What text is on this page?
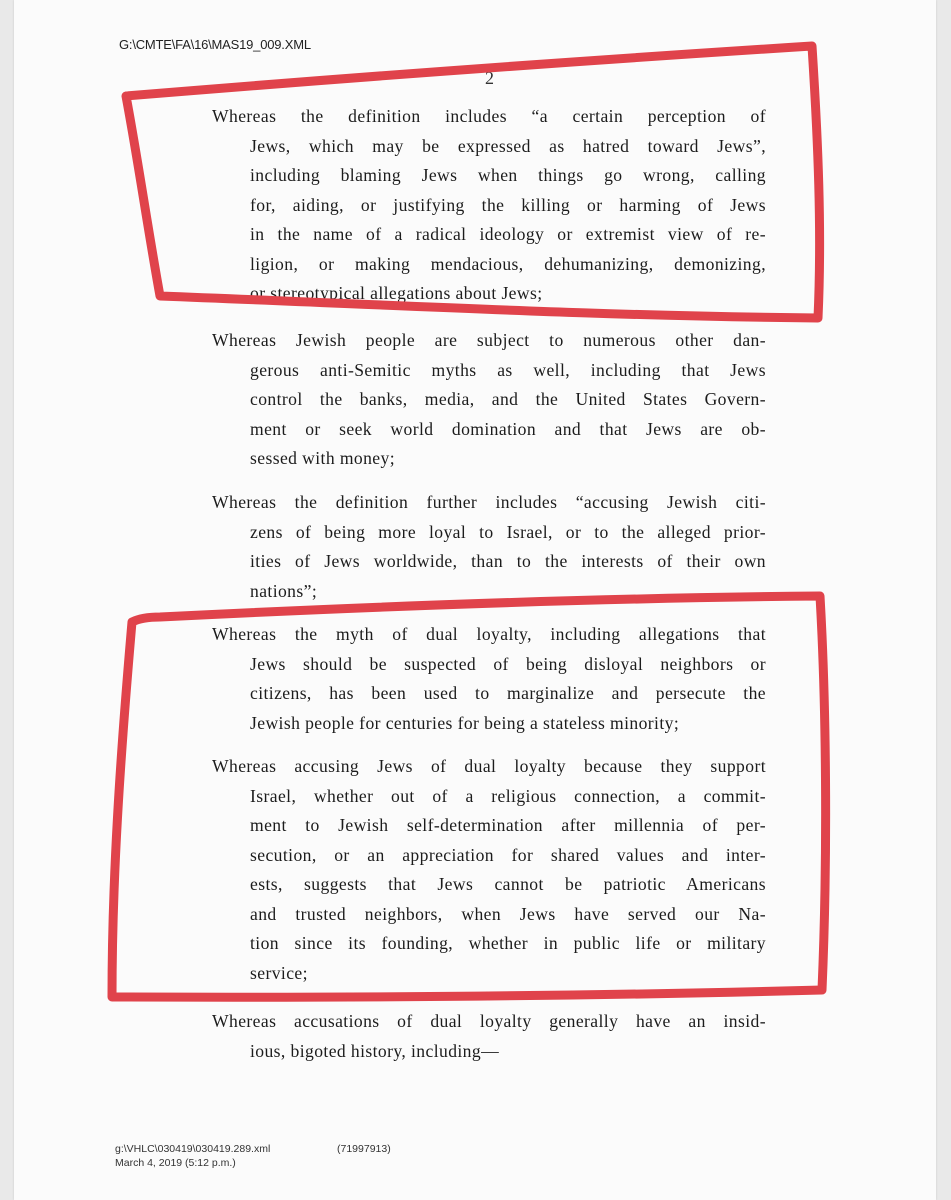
G:\CMTE\FA\16\MAS19_009.XML
2
Whereas the definition includes “a certain perception of
Jews, which may be expressed as hatred toward Jews”,
including blaming Jews when things go wrong, calling
for, aiding, or justifying the killing or harming of Jews
in the name of a radical ideology or extremist view of re-
ligion, or making mendacious, dehumanizing, demonizing,
or stereotypical allegations about Jews;
Whereas Jewish people are subject to numerous other dan-
gerous anti-Semitic myths as well, including that Jews
control the banks, media, and the United States Govern-
ment or seek world domination and that Jews are ob-
sessed with money;
Whereas the definition further includes “accusing Jewish citi-
zens of being more loyal to Israel, or to the alleged prior-
ities of Jews worldwide, than to the interests of their own
nations”;
Whereas the myth of dual loyalty, including allegations that
Jews should be suspected of being disloyal neighbors or
citizens, has been used to marginalize and persecute the
Jewish people for centuries for being a stateless minority;
Whereas accusing Jews of dual loyalty because they support
Israel, whether out of a religious connection, a commit-
ment to Jewish self-determination after millennia of per-
secution, or an appreciation for shared values and inter-
ests, suggests that Jews cannot be patriotic Americans
and trusted neighbors, when Jews have served our Na-
tion since its founding, whether in public life or military
service;
Whereas accusations of dual loyalty generally have an insid-
ious, bigoted history, including—
g:\VHLC\030419\030419.289.xml
March 4, 2019 (5:12 p.m.)
(71997913)
